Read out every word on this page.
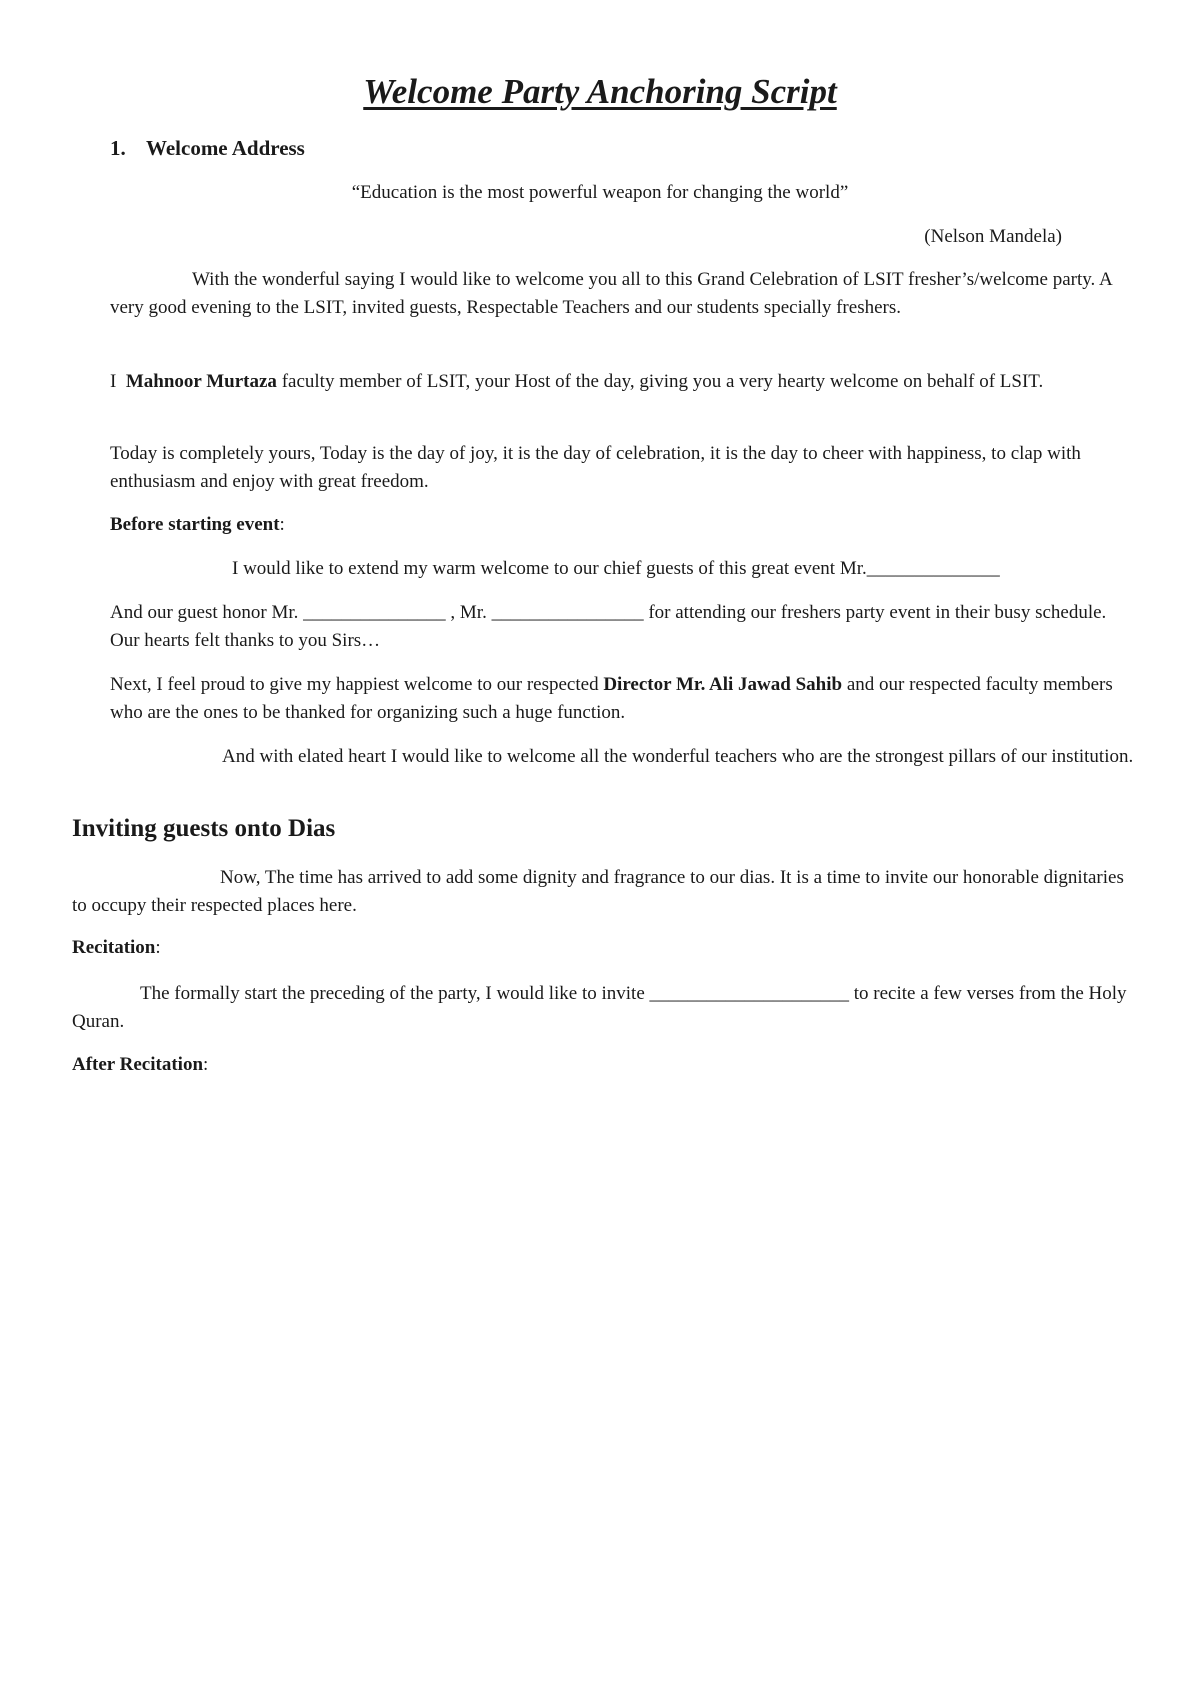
Welcome Party Anchoring Script
1. Welcome Address

“Education is the most powerful weapon for changing the world”

(Nelson Mandela)

With the wonderful saying I would like to welcome you all to this Grand Celebration of LSIT fresher’s/welcome party. A very good evening to the LSIT, invited guests, Respectable Teachers and our students specially freshers.

I Mahnoor Murtaza faculty member of LSIT, your Host of the day, giving you a very hearty welcome on behalf of LSIT.

Today is completely yours, Today is the day of joy, it is the day of celebration, it is the day to cheer with happiness, to clap with enthusiasm and enjoy with great freedom.

Before starting event:

I would like to extend my warm welcome to our chief guests of this great event Mr.______________

And our guest honor Mr. _______________ , Mr. ________________ for attending our freshers party event in their busy schedule. Our hearts felt thanks to you Sirs…

Next, I feel proud to give my happiest welcome to our respected Director Mr. Ali Jawad Sahib and our respected faculty members who are the ones to be thanked for organizing such a huge function.

And with elated heart I would like to welcome all the wonderful teachers who are the strongest pillars of our institution.

Inviting guests onto Dias

Now, The time has arrived to add some dignity and fragrance to our dias. It is a time to invite our honorable dignitaries to occupy their respected places here.

Recitation:

The formally start the preceding of the party, I would like to invite _____________________ to recite a few verses from the Holy Quran.

After Recitation:
